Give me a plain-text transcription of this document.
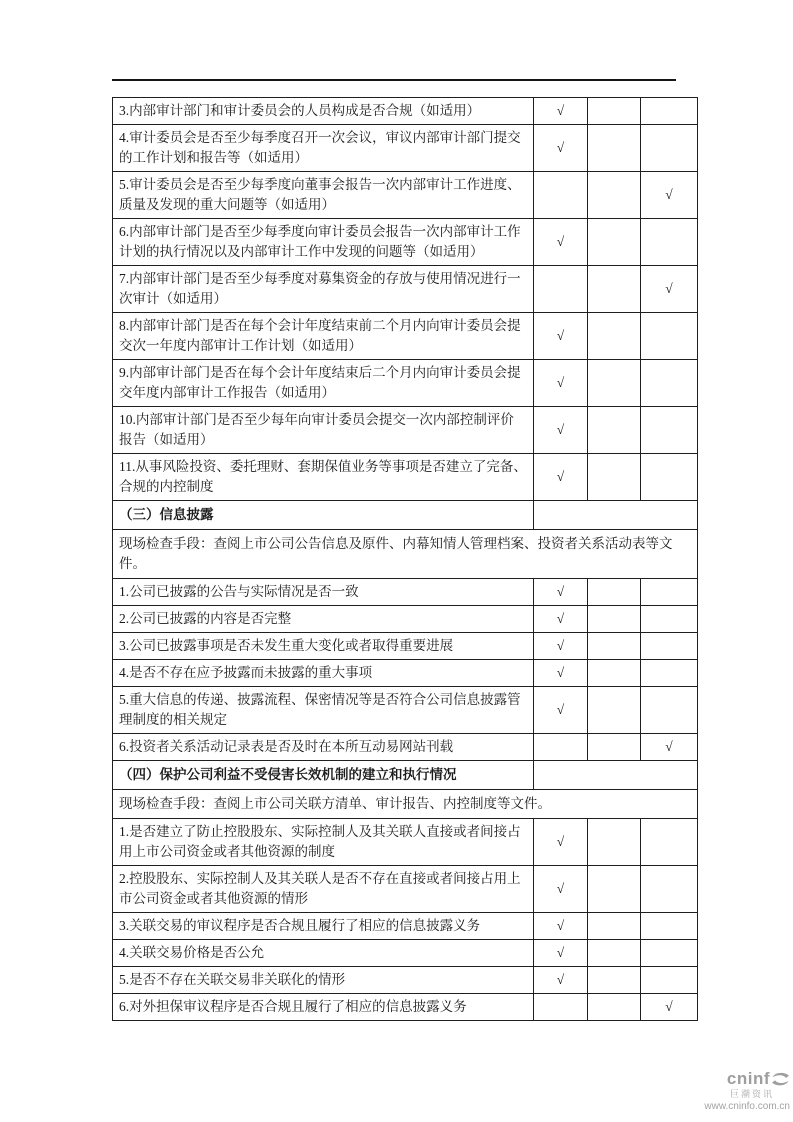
3.内部审计部门和审计委员会的人员构成是否合规（如适用）	√		
4.审计委员会是否至少每季度召开一次会议，审议内部审计部门提交的工作计划和报告等（如适用）	√		
5.审计委员会是否至少每季度向董事会报告一次内部审计工作进度、质量及发现的重大问题等（如适用）			√
6.内部审计部门是否至少每季度向审计委员会报告一次内部审计工作计划的执行情况以及内部审计工作中发现的问题等（如适用）	√		
7.内部审计部门是否至少每季度对募集资金的存放与使用情况进行一次审计（如适用）			√
8.内部审计部门是否在每个会计年度结束前二个月内向审计委员会提交次一年度内部审计工作计划（如适用）	√		
9.内部审计部门是否在每个会计年度结束后二个月内向审计委员会提交年度内部审计工作报告（如适用）	√		
10.内部审计部门是否至少每年向审计委员会提交一次内部控制评价报告（如适用）	√		
11.从事风险投资、委托理财、套期保值业务等事项是否建立了完备、合规的内控制度	√		
（三）信息披露			
现场检查手段：查阅上市公司公告信息及原件、内幕知情人管理档案、投资者关系活动表等文件。			
1.公司已披露的公告与实际情况是否一致	√		
2.公司已披露的内容是否完整	√		
3.公司已披露事项是否未发生重大变化或者取得重要进展	√		
4.是否不存在应予披露而未披露的重大事项	√		
5.重大信息的传递、披露流程、保密情况等是否符合公司信息披露管理制度的相关规定	√		
6.投资者关系活动记录表是否及时在本所互动易网站刊载			√
（四）保护公司利益不受侵害长效机制的建立和执行情况			
现场检查手段：查阅上市公司关联方清单、审计报告、内控制度等文件。			
1.是否建立了防止控股股东、实际控制人及其关联人直接或者间接占用上市公司资金或者其他资源的制度	√		
2.控股股东、实际控制人及其关联人是否不存在直接或者间接占用上市公司资金或者其他资源的情形	√		
3.关联交易的审议程序是否合规且履行了相应的信息披露义务	√		
4.关联交易价格是否公允	√		
5.是否不存在关联交易非关联化的情形	√		
6.对外担保审议程序是否合规且履行了相应的信息披露义务			√
cninf
巨潮资讯
www.cninfo.com.cn
